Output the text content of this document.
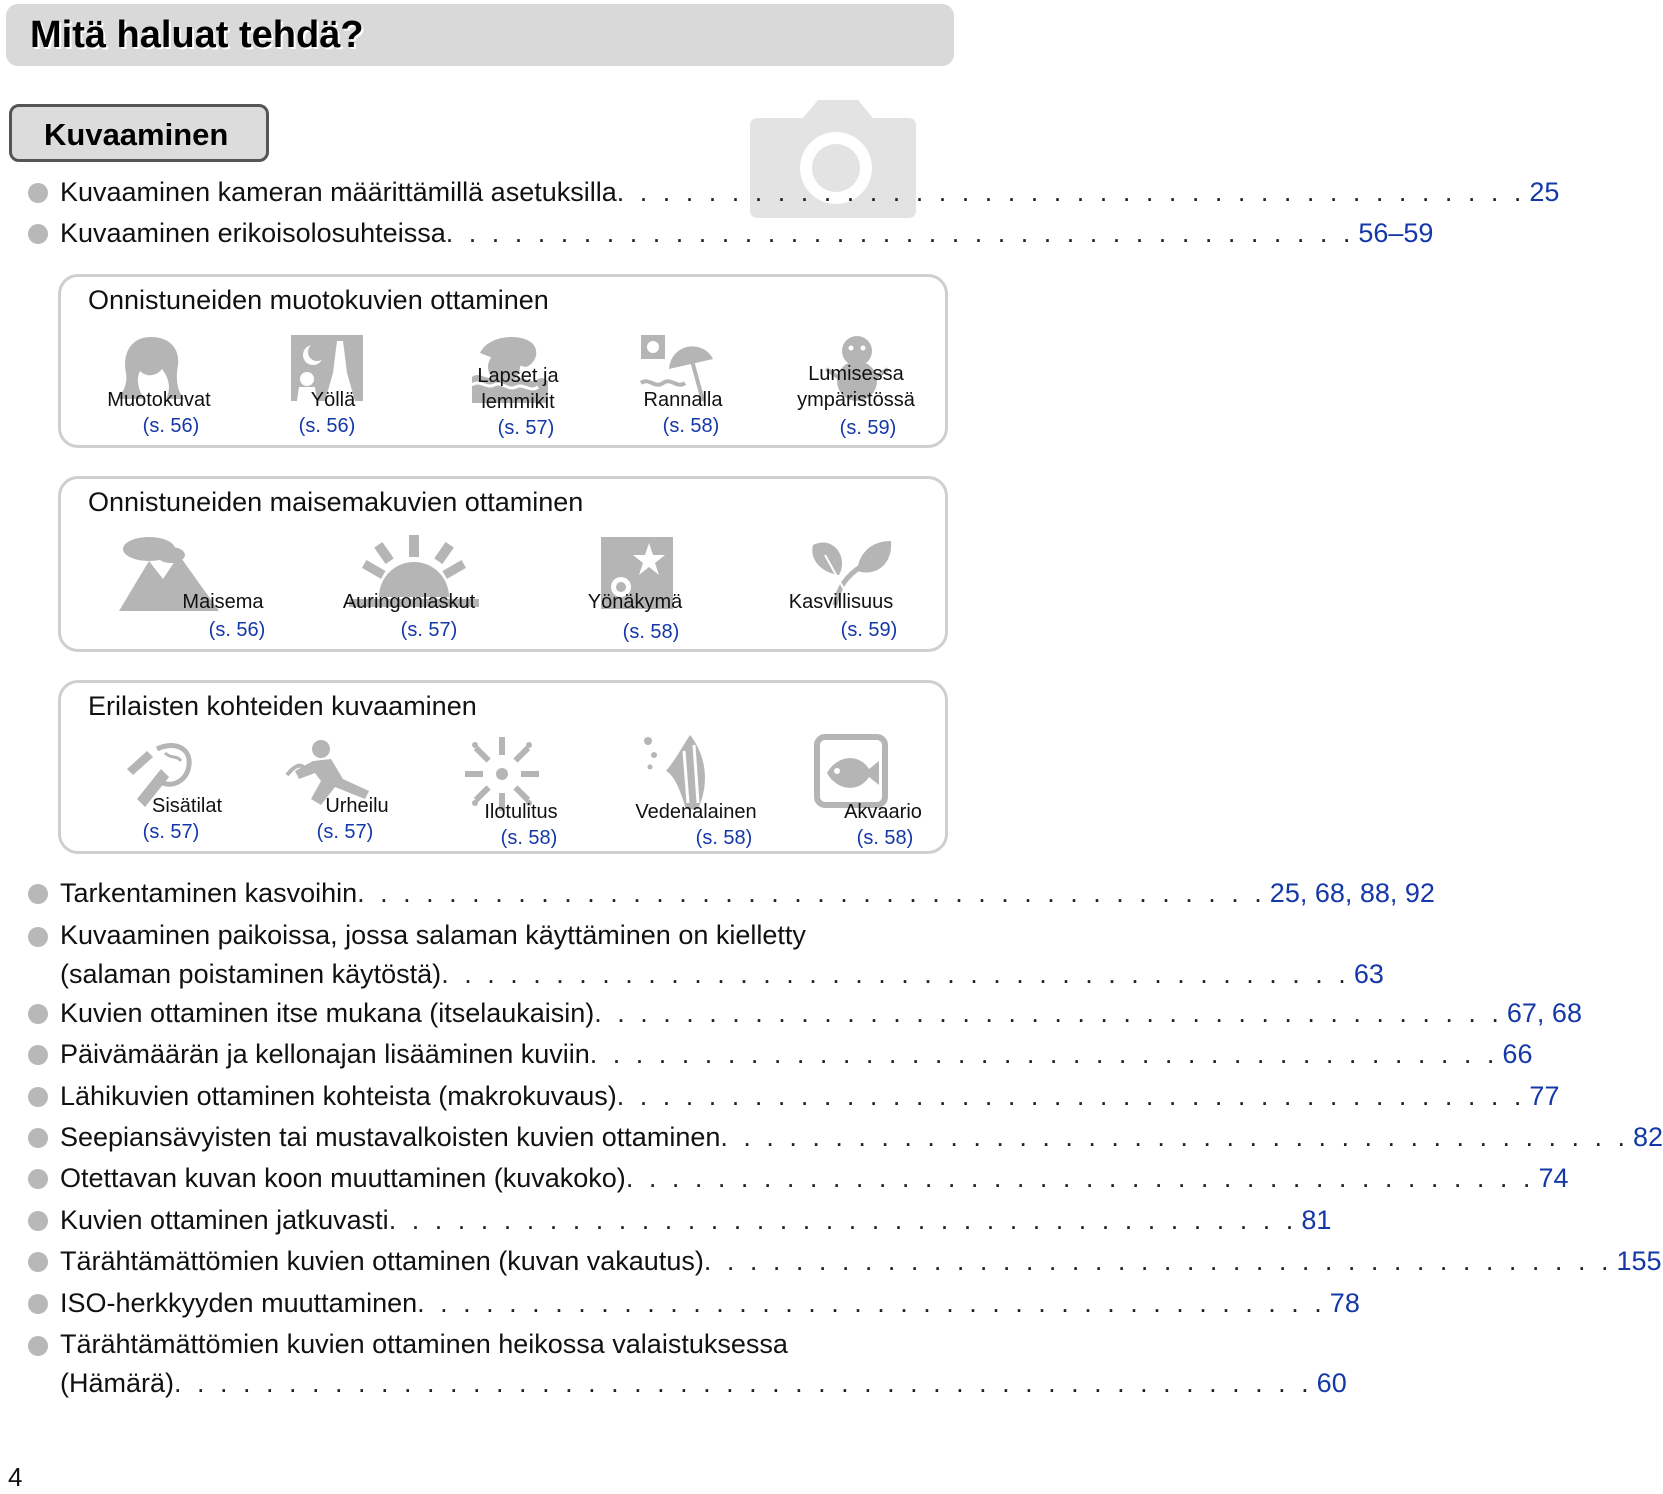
Mitä haluat tehdä?
Kuvaaminen
Kuvaaminen kameran määrittämillä asetuksilla . . . . . . . . . . . . . . . . . . . . . . . . . . . . . . . . . . . . . . . . 25
Kuvaaminen erikoisolosuhteissa . . . . . . . . . . . . . . . . . . . . . . . . . . . . . . . . . . . . . . . . 56–59
Onnistuneiden muotokuvien ottaminen
Muotokuvat
(s. 56)
Yöllä
(s. 56)
Lapset ja lemmikit
(s. 57)
Rannalla
(s. 58)
Lumisessa ympäristössä
(s. 59)
Onnistuneiden maisemakuvien ottaminen
Maisema
(s. 56)
Auringonlaskut
(s. 57)
Yönäkymä
(s. 58)
Kasvillisuus
(s. 59)
Erilaisten kohteiden kuvaaminen
Sisätilat
(s. 57)
Urheilu
(s. 57)
Ilotulitus
(s. 58)
Vedenalainen
(s. 58)
Akvaario
(s. 58)
Tarkentaminen kasvoihin . . . . . . . . . . . . . . . . . . . . . . . . . . . . . . . . . . . . . . . . 25, 68, 88, 92
Kuvaaminen paikoissa, jossa salaman käyttäminen on kielletty
(salaman poistaminen käytöstä) . . . . . . . . . . . . . . . . . . . . . . . . . . . . . . . . . . . . . . . . 63
Kuvien ottaminen itse mukana (itselaukaisin) . . . . . . . . . . . . . . . . . . . . . . . . . . . . . . . . . . . . . . . . 67, 68
Päivämäärän ja kellonajan lisääminen kuviin . . . . . . . . . . . . . . . . . . . . . . . . . . . . . . . . . . . . . . . . 66
Lähikuvien ottaminen kohteista (makrokuvaus) . . . . . . . . . . . . . . . . . . . . . . . . . . . . . . . . . . . . . . . . 77
Seepiansävyisten tai mustavalkoisten kuvien ottaminen . . . . . . . . . . . . . . . . . . . . . . . . . . . . . . . . . . . . . . . . 82
Otettavan kuvan koon muuttaminen (kuvakoko) . . . . . . . . . . . . . . . . . . . . . . . . . . . . . . . . . . . . . . . . 74
Kuvien ottaminen jatkuvasti . . . . . . . . . . . . . . . . . . . . . . . . . . . . . . . . . . . . . . . . 81
Tärähtämättömien kuvien ottaminen (kuvan vakautus) . . . . . . . . . . . . . . . . . . . . . . . . . . . . . . . . . . . . . . . . 155
ISO-herkkyyden muuttaminen . . . . . . . . . . . . . . . . . . . . . . . . . . . . . . . . . . . . . . . . 78
Tärähtämättömien kuvien ottaminen heikossa valaistuksessa
(Hämärä) . . . . . . . . . . . . . . . . . . . . . . . . . . . . . . . . . . . . . . . . . . . . . . . . . . 60
4
